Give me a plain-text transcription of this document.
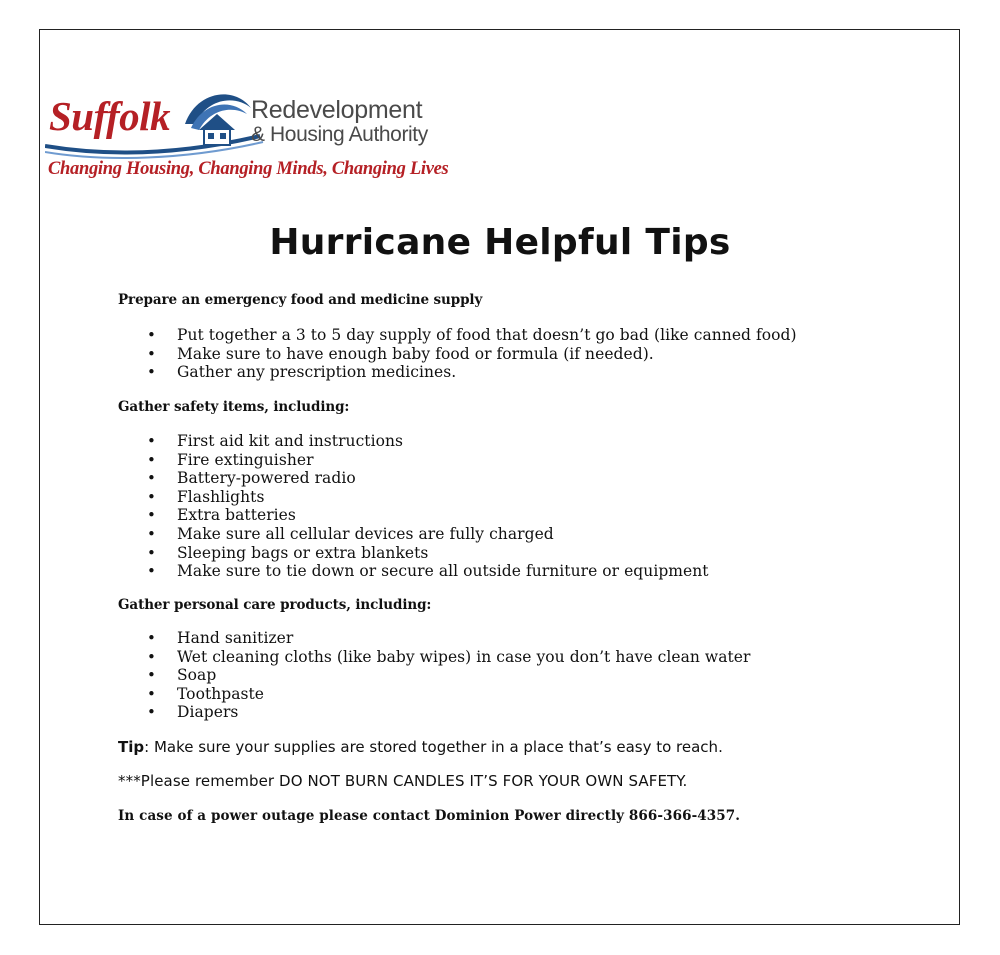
Suffolk	Redevelopment
& Housing Authority
Changing Housing, Changing Minds, Changing Lives
Hurricane Helpful Tips

Prepare an emergency food and medicine supply

• Put together a 3 to 5 day supply of food that doesn’t go bad (like canned food)
• Make sure to have enough baby food or formula (if needed).
• Gather any prescription medicines.

Gather safety items, including:

• First aid kit and instructions
• Fire extinguisher
• Battery-powered radio
• Flashlights
• Extra batteries
• Make sure all cellular devices are fully charged
• Sleeping bags or extra blankets
• Make sure to tie down or secure all outside furniture or equipment

Gather personal care products, including:

• Hand sanitizer
• Wet cleaning cloths (like baby wipes) in case you don’t have clean water
• Soap
• Toothpaste
• Diapers

Tip: Make sure your supplies are stored together in a place that’s easy to reach.

***Please remember DO NOT BURN CANDLES IT’S FOR YOUR OWN SAFETY.

In case of a power outage please contact Dominion Power directly 866-366-4357.
